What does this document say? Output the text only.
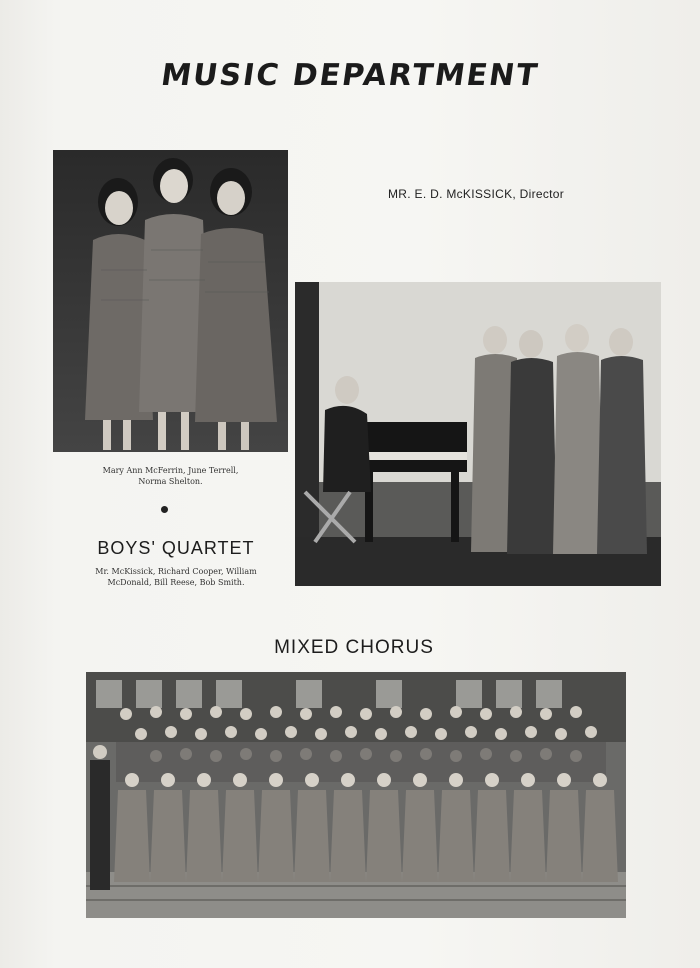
MUSIC DEPARTMENT
Mary Ann McFerrin, June Terrell,
Norma Shelton.
MR. E. D. McKISSICK, Director
BOYS' QUARTET
Mr. McKissick, Richard Cooper, William
McDonald, Bill Reese, Bob Smith.
MIXED CHORUS
